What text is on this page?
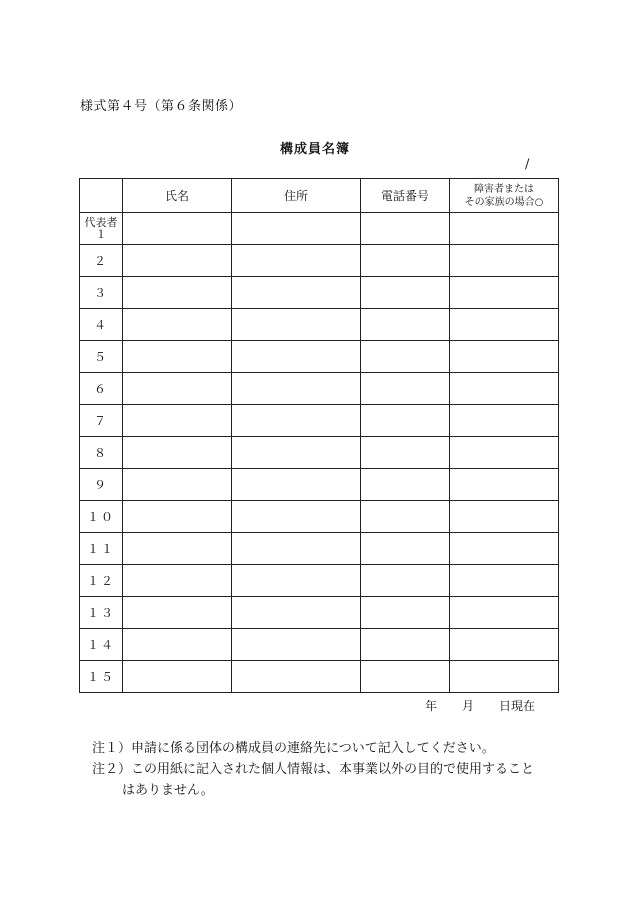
様式第４号（第６条関係）
構成員名簿
/
	氏名	住所	電話番号	障害者または
その家族の場合○

代表者
１				

２				
３				
４				
５				
６				
７				
８				
９				
１０				
１１				
１２				
１３				
１４				
１５				
年 月 日現在
注１）申請に係る団体の構成員の連絡先について記入してください。
注２）この用紙に記入された個人情報は、本事業以外の目的で使用すること
はありません。
